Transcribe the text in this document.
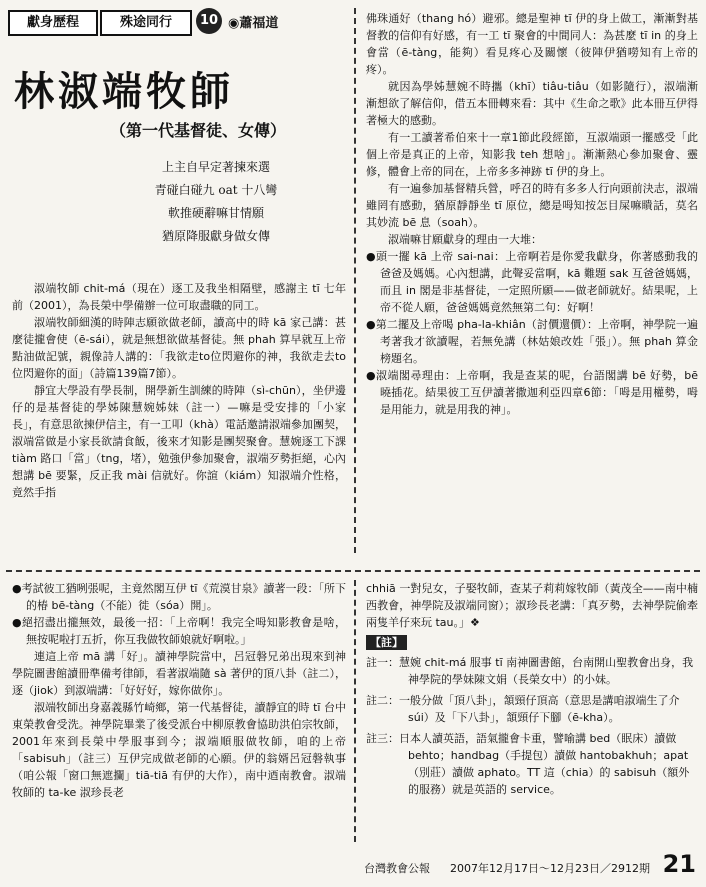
獻身歷程	殊途同行	10 ◉蕭福道
林淑端牧師
（第一代基督徒、女傳）
上主自早定著揀來選
青碰白碰九 oat 十八彎
軟推硬辭嘛甘情願
猶原降服獻身做女傳

淑端牧師 chit-má（現在）逐工及我坐相隔壁，感謝主 tī 七年前（2001），為長榮中學備辦一位可取盡職的同工。

淑端牧師細漢的時陣志願欲做老師，讀高中的時 kā 家己講：甚麼徒攏會使（ē-sái），就是無想欲做基督徒。無 phah 算早就互上帝點油做記號，親像詩人講的：「我欲走to位閃避你的神，我欲走去to位閃避你的面」（詩篇139篇7節）。

靜宜大學設有學長制，開學新生訓練的時陣（sì-chūn），坐伊邊仔的是基督徒的學姊陳慧婉姊妹（註一）—嘛是受安排的「小家長」，有意思欲揀伊信主，有一工叩（khà）電話邀請淑端參加團契，淑端當做是小家長欲請食飯，後來才知影是團契聚會。慧婉逐工下課 tiàm 路口「當」（tng，堵），勉強伊參加聚會，淑端歹勢拒絕，心內想講 bē 要緊，反正我 mài 信就好。你諠（kiám）知淑端介性格，竟然手指

佛珠通好（thang hó）避邪。總是聖神 tī 伊的身上做工，漸漸對基督教的信仰有好感，有一工 tī 聚會的中間同人：為甚麼 tī in 的身上會當（ē-tàng，能夠）看見疼心及關懷（彼陣伊猶嘮知有上帝的疼）。

就因為學姊慧婉不時攜（khī）tiâu-tiâu（如影隨行），淑端漸漸想欲了解信仰，借五本冊轉來看：其中《生命之歌》此本冊互伊得著極大的感動。

有一工讀著希伯來十一章1節此段經節，互淑端頭一擺感受「此個上帝是真正的上帝，知影我 teh 想啥」。漸漸熱心參加聚會、靈修，體會上帝的同在，上帝多多神跡 tī 伊的身上。

有一遍參加基督精兵營，呼召的時有多多人行向頭前決志，淑端雖罔有感動，猶原靜靜坐 tī 原位，總是呣知按怎目屎嘛瞶話，莫名其妙流 bē 息（soah）。

淑端嘛甘願獻身的理由一大堆：

●頭一擺 kā 上帝 sai-nai：上帝啊若是你愛我獻身，你著感動我的爸爸及媽媽。心內想講，此聲妥當啊，kā 難題 sak 互爸爸媽媽，而且 in 閣是非基督徒，一定照所願——做老師就好。結果呢，上帝不從人願，爸爸媽媽竟然無第二句：好啊！

●第二擺及上帝喝 pha-la-khiân（討價還價）：上帝啊，神學院一遍考著我才欲讀喔，若無免講（林姑娘改姓「張」）。無 phah 算金榜題名。

●淑端閣尋理由：上帝啊，我是查某的呢，台語閣講 bē 好勢，bē 曉插花。結果彼工互伊讀著撒迦利亞四章6節：「呣是用權勢，呣是用能力，就是用我的神」。

●考試彼工猶咧張呢，主竟然閣互伊 tī《荒漠甘泉》讀著一段：「所下的椿 bē-tàng（不能）徙（sóa）開」。

●絕招盡出攏無效，最後一招：「上帝啊！我完全呣知影教會是啥，無按呢啦打五折，你互我做牧師娘就好啊啦。」

連這上帝 mā 講「好」。讀神學院當中，呂冠磐兄弟出現來到神學院圖書館讀冊準備考律師，看著淑端隨 sà 著伊的頂八卦（註二），逐（jiok）到淑端講：「好好好，嫁你做你」。

淑端牧師出身嘉義縣竹崎鄉，第一代基督徒，讀靜宜的時 tī 台中東榮教會受洗。神學院畢業了後受派台中柳原教會協助洪伯宗牧師，2001年來到長榮中學服事到今；淑端順服做牧師，咱的上帝「sabisuh」（註三）互伊完成做老師的心願。伊的翁婿呂冠磐執事（咱公報「窗口無遮攔」tiā-tiā 有伊的大作），南中迺南教會。淑端牧師的 ta-ke 淑珍長老

chhiā 一對兒女，子娶牧師，查某子莉莉嫁牧師（黃茂全——南中楠西教會，神學院及淑端同窗）；淑珍長老講：「真歹勢，去神學院偷牽兩隻羊仔來玩 tau。」❖

【註】

註一：慧婉 chit-má 服事 tī 南神圖書館，台南開山聖教會出身，我神學院的學妹陳文娟（長榮女中）的小妹。

註二：一般分做「頂八卦」，頷頸仔頂高（意思是講咱淑端生了介 súi）及「下八卦」，頷頸仔下腳（ē-kha）。

註三：日本人讀英語，語氣攏會卡重，譬喻講 bed（眠床）讀做 behto；handbag（手提包）讀做 hantobakhuh；apat（別莊）讀做 aphato。TT 這（chia）的 sabisuh（額外的服務）就是英語的 service。

台灣教會公報 2007年12月17日～12月23日／2912期 21
